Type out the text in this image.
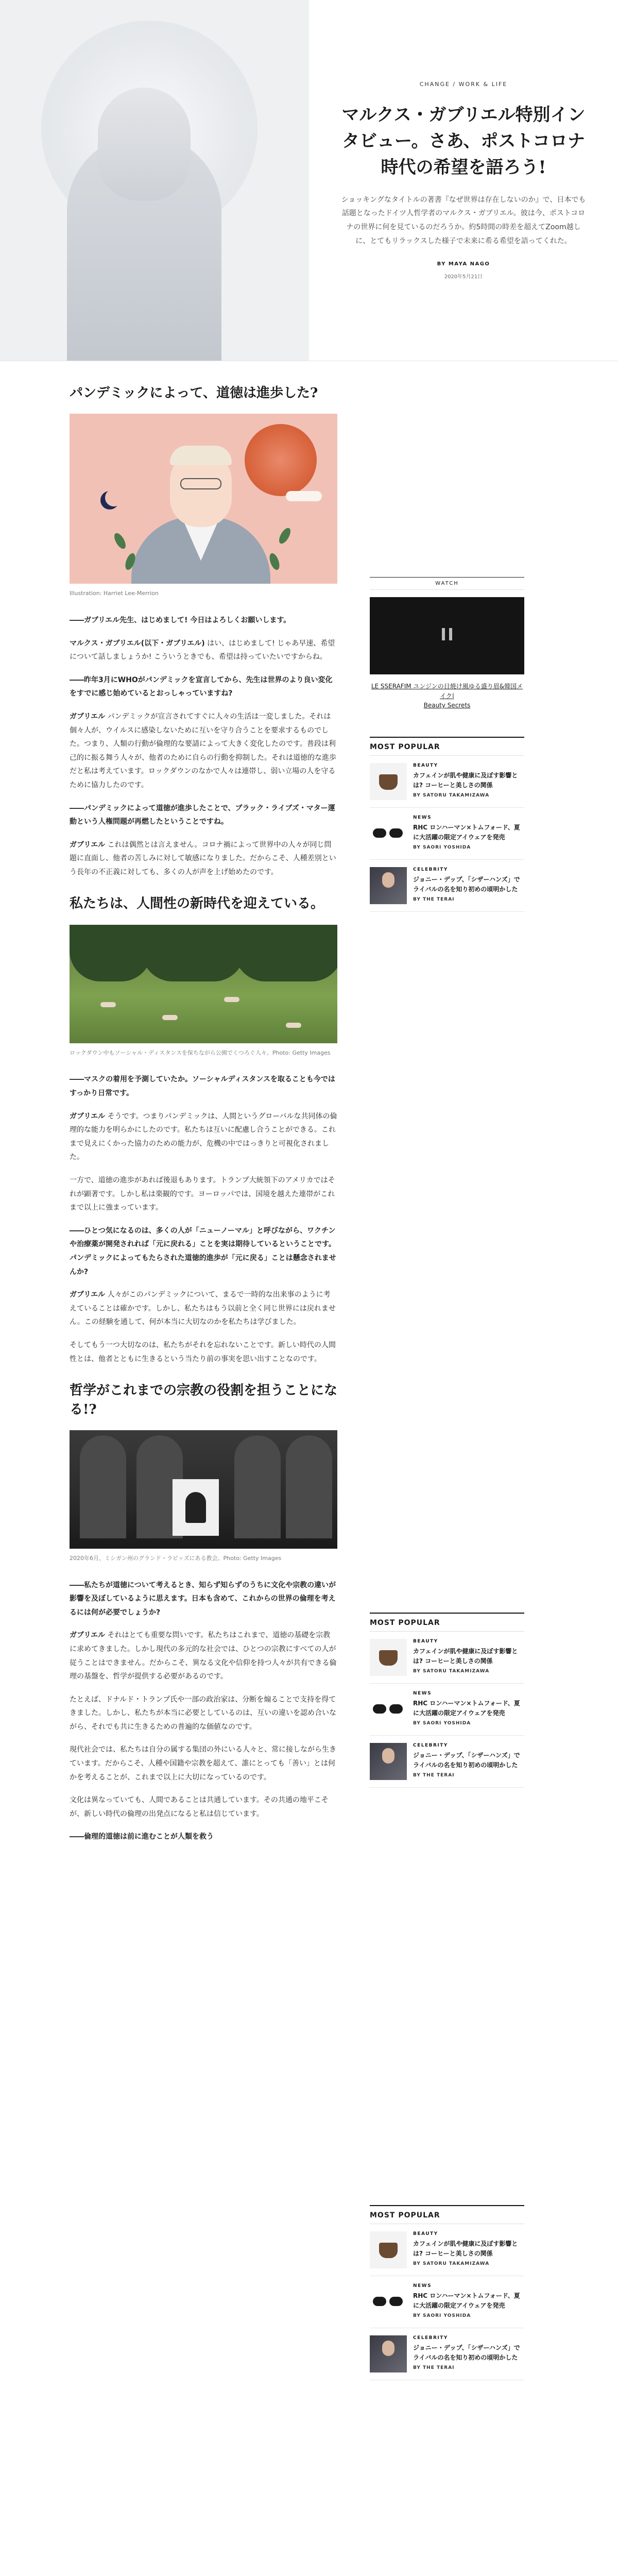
CHANGE / WORK & LIFE
マルクス・ガブリエル特別インタビュー。さあ、ポストコロナ時代の希望を語ろう!

ショッキングなタイトルの著書『なぜ世界は存在しないのか』で、日本でも話題となったドイツ人哲学者のマルクス・ガブリエル。彼は今、ポストコロナの世界に何を見ているのだろうか。約5時間の時差を超えてZoom越しに、とてもリラックスした様子で未来に希る希望を語ってくれた。

BY MAYA NAGO
2020年5月21日
パンデミックによって、道徳は進歩した?

Illustration: Harriet Lee-Merrion

――ガブリエル先生、はじめまして! 今日はよろしくお願いします。

マルクス・ガブリエル(以下・ガブリエル) はい、はじめまして! じゃあ早速、希望について話しましょうか! こういうときでも、希望は持っていたいですからね。

――昨年3月にWHOがパンデミックを宣言してから、先生は世界のより良い変化をすでに感じ始めているとおっしゃっていますね?

ガブリエル パンデミックが宣言されてすぐに人々の生活は一変しました。それは個々人が、ウイルスに感染しないために互いを守り合うことを要求するものでした。つまり、人類の行動が倫理的な要請によって大きく変化したのです。普段は利己的に振る舞う人々が、他者のために自らの行動を抑制した。それは道徳的な進歩だと私は考えています。ロックダウンのなかで人々は連帯し、弱い立場の人を守るために協力したのです。

――パンデミックによって道徳が進歩したことで、ブラック・ライブズ・マター運動という人権問題が再燃したということですね。

ガブリエル これは偶然とは言えません。コロナ禍によって世界中の人々が同じ問題に直面し、他者の苦しみに対して敏感になりました。だからこそ、人種差別という長年の不正義に対しても、多くの人が声を上げ始めたのです。

私たちは、人間性の新時代を迎えている。

ロックダウン中もソーシャル・ディスタンスを保ちながら公園でくつろぐ人々。Photo: Getty Images

――マスクの着用を予測していたか。ソーシャルディスタンスを取ることも今ではすっかり日常です。

ガブリエル そうです。つまりパンデミックは、人間というグローバルな共同体の倫理的な能力を明らかにしたのです。私たちは互いに配慮し合うことができる。これまで見えにくかった協力のための能力が、危機の中ではっきりと可視化されました。

一方で、道徳の進歩があれば後退もあります。トランプ大統領下のアメリカではそれが顕著です。しかし私は楽観的です。ヨーロッパでは、国境を越えた連帯がこれまで以上に強まっています。

――ひとつ気になるのは、多くの人が「ニューノーマル」と呼びながら、ワクチンや治療薬が開発されれば「元に戻れる」ことを実は期待しているということです。パンデミックによってもたらされた道徳的進歩が「元に戻る」ことは懸念されませんか?

ガブリエル 人々がこのパンデミックについて、まるで一時的な出来事のように考えていることは確かです。しかし、私たちはもう以前と全く同じ世界には戻れません。この経験を通して、何が本当に大切なのかを私たちは学びました。

そしてもう一つ大切なのは、私たちがそれを忘れないことです。新しい時代の人間性とは、他者とともに生きるという当たり前の事実を思い出すことなのです。

哲学がこれまでの宗教の役割を担うことになる!?

2020年6月、ミシガン州のグランド・ラピッズにある教会。Photo: Getty Images

――私たちが道徳について考えるとき、知らず知らずのうちに文化や宗教の違いが影響を及ぼしているように思えます。日本も含めて、これからの世界の倫理を考えるには何が必要でしょうか?

ガブリエル それはとても重要な問いです。私たちはこれまで、道徳の基礎を宗教に求めてきました。しかし現代の多元的な社会では、ひとつの宗教にすべての人が従うことはできません。だからこそ、異なる文化や信仰を持つ人々が共有できる倫理の基盤を、哲学が提供する必要があるのです。

たとえば、ドナルド・トランプ氏や一部の政治家は、分断を煽ることで支持を得てきました。しかし、私たちが本当に必要としているのは、互いの違いを認め合いながら、それでも共に生きるための普遍的な価値なのです。

現代社会では、私たちは自分の属する集団の外にいる人々と、常に接しながら生きています。だからこそ、人種や国籍や宗教を超えて、誰にとっても「善い」とは何かを考えることが、これまで以上に大切になっているのです。

文化は異なっていても、人間であることは共通しています。その共通の地平こそが、新しい時代の倫理の出発点になると私は信じています。

――倫理的道徳は前に進むことが人類を救う

WATCH
LE SSERAFIM ユンジンの日焼け風ゆる盛り眉&韓国メイク|
Beauty Secrets
MOST POPULAR
BEAUTY
カフェインが肌や健康に及ぼす影響とは? コーヒーと美しさの関係
BY SATORU TAKAMIZAWA
NEWS
RHC ロンハーマン×トムフォード、夏に大活躍の限定アイウェアを発売
BY SAORI YOSHIDA
CELEBRITY
ジョニー・デップ、「シザーハンズ」でライバルの名を知り初めの頃明かした
BY THE TERAI
MOST POPULAR
BEAUTY
カフェインが肌や健康に及ぼす影響とは? コーヒーと美しさの関係
BY SATORU TAKAMIZAWA
NEWS
RHC ロンハーマン×トムフォード、夏に大活躍の限定アイウェアを発売
BY SAORI YOSHIDA
CELEBRITY
ジョニー・デップ、「シザーハンズ」でライバルの名を知り初めの頃明かした
BY THE TERAI
MOST POPULAR
BEAUTY
カフェインが肌や健康に及ぼす影響とは? コーヒーと美しさの関係
BY SATORU TAKAMIZAWA
NEWS
RHC ロンハーマン×トムフォード、夏に大活躍の限定アイウェアを発売
BY SAORI YOSHIDA
CELEBRITY
ジョニー・デップ、「シザーハンズ」でライバルの名を知り初めの頃明かした
BY THE TERAI
